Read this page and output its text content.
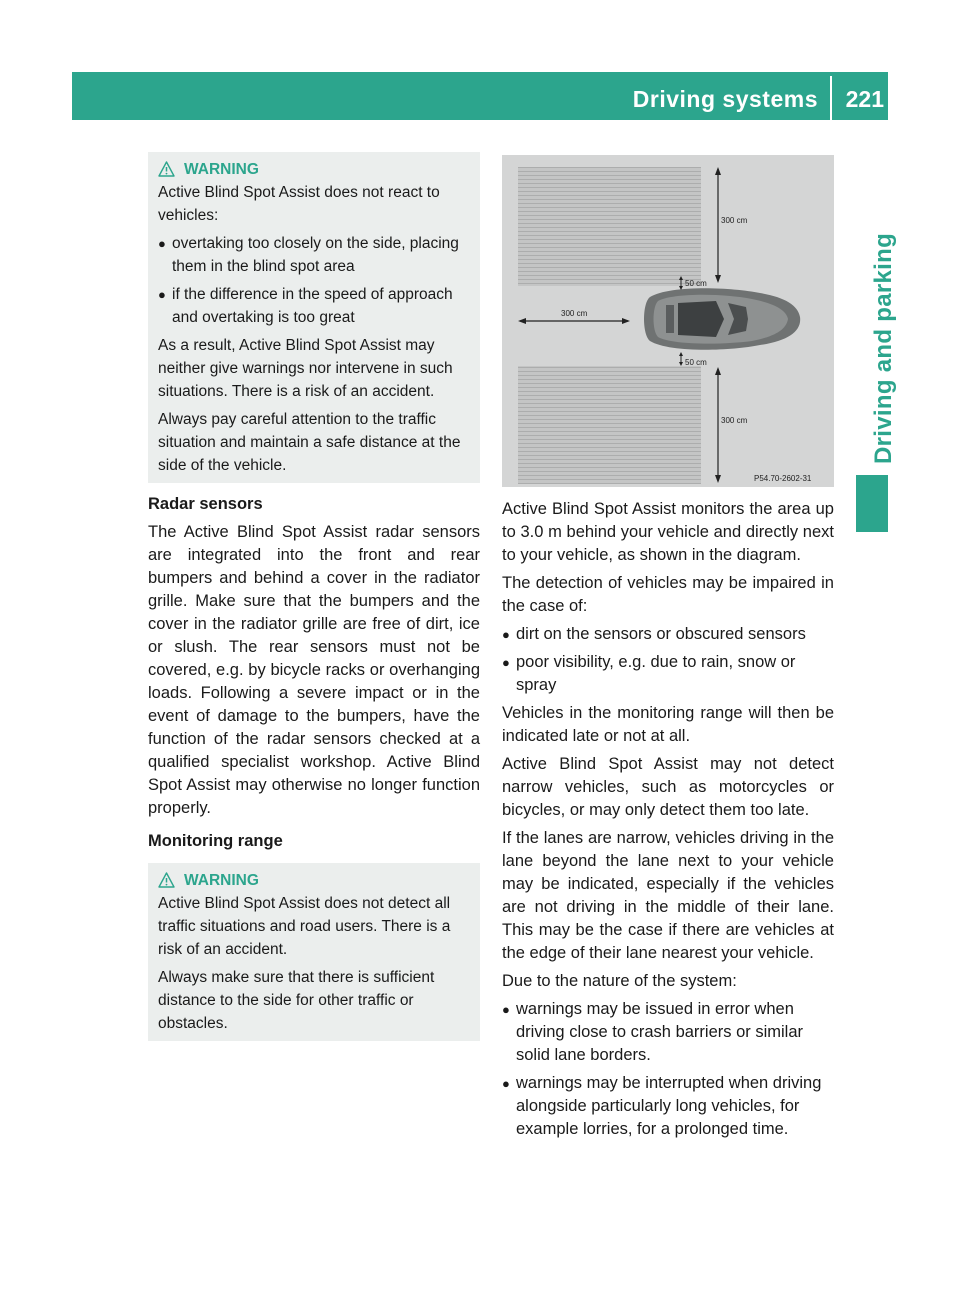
Driving systems 221
Driving and parking
WARNING

Active Blind Spot Assist does not react to vehicles:

● overtaking too closely on the side, placing them in the blind spot area
● if the difference in the speed of approach and overtaking is too great

As a result, Active Blind Spot Assist may neither give warnings nor intervene in such situations. There is a risk of an accident.

Always pay careful attention to the traffic situation and maintain a safe distance at the side of the vehicle.

Radar sensors

The Active Blind Spot Assist radar sensors are integrated into the front and rear bumpers and behind a cover in the radiator grille. Make sure that the bumpers and the cover in the radiator grille are free of dirt, ice or slush. The rear sensors must not be covered, e.g. by bicycle racks or overhanging loads. Following a severe impact or in the event of damage to the bumpers, have the function of the radar sensors checked at a qualified specialist workshop. Active Blind Spot Assist may otherwise no longer function properly.

Monitoring range
WARNING

Active Blind Spot Assist does not detect all traffic situations and road users. There is a risk of an accident.

Always make sure that there is sufficient distance to the side for other traffic or obstacles.

300 cm
50 cm
300 cm
50 cm
300 cm
P54.70-2602-31

Active Blind Spot Assist monitors the area up to 3.0 m behind your vehicle and directly next to your vehicle, as shown in the diagram.

The detection of vehicles may be impaired in the case of:

● dirt on the sensors or obscured sensors
● poor visibility, e.g. due to rain, snow or spray

Vehicles in the monitoring range will then be indicated late or not at all.

Active Blind Spot Assist may not detect narrow vehicles, such as motorcycles or bicycles, or may only detect them too late.

If the lanes are narrow, vehicles driving in the lane beyond the lane next to your vehicle may be indicated, especially if the vehicles are not driving in the middle of their lane. This may be the case if there are vehicles at the edge of their lane nearest your vehicle.

Due to the nature of the system:

● warnings may be issued in error when driving close to crash barriers or similar solid lane borders.
● warnings may be interrupted when driving alongside particularly long vehicles, for example lorries, for a prolonged time.
